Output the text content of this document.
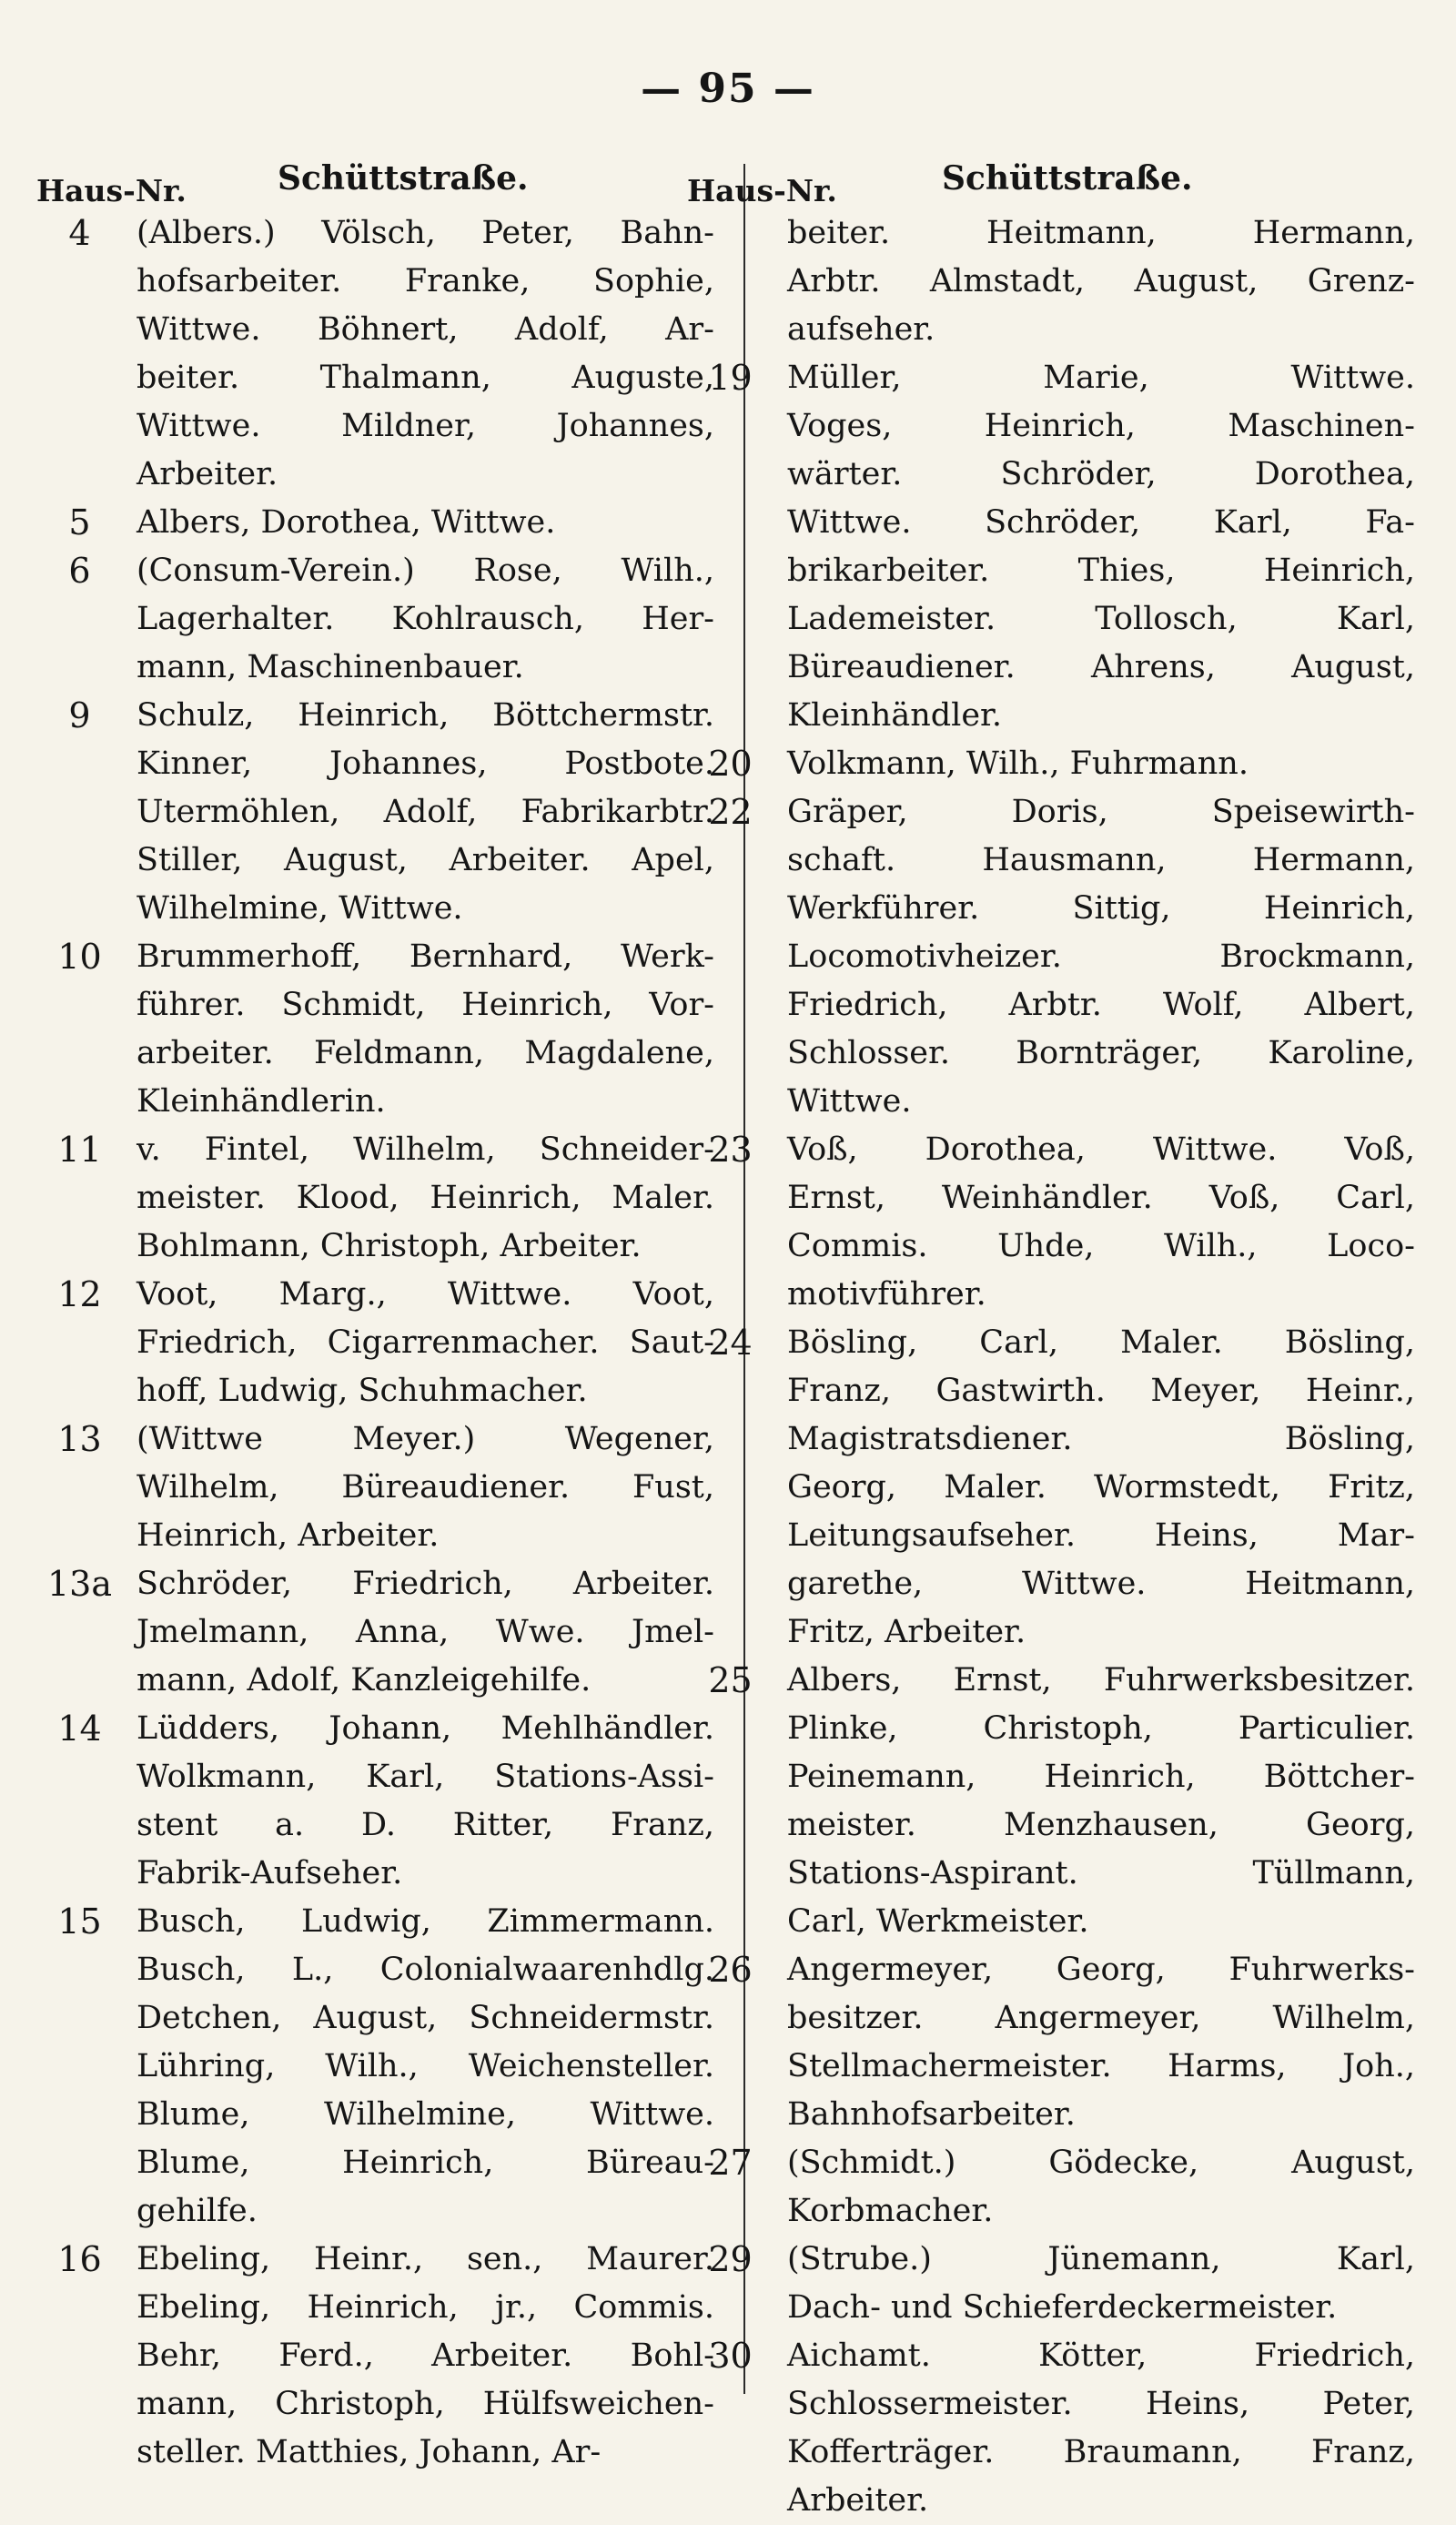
— 95 —
Haus-Nr.	Schüttstraße.
4	(Albers.) Völsch, Peter, Bahn-
hofsarbeiter. Franke, Sophie,
Wittwe. Böhnert, Adolf, Ar-
beiter. Thalmann, Auguste,
Wittwe. Mildner, Johannes,
Arbeiter.
5	Albers, Dorothea, Wittwe.
6	(Consum-Verein.) Rose, Wilh.,
Lagerhalter. Kohlrausch, Her-
mann, Maschinenbauer.
9	Schulz, Heinrich, Böttchermstr.
Kinner, Johannes, Postbote.
Utermöhlen, Adolf, Fabrikarbtr.
Stiller, August, Arbeiter. Apel,
Wilhelmine, Wittwe.
10	Brummerhoff, Bernhard, Werk-
führer. Schmidt, Heinrich, Vor-
arbeiter. Feldmann, Magdalene,
Kleinhändlerin.
11	v. Fintel, Wilhelm, Schneider-
meister. Klood, Heinrich, Maler.
Bohlmann, Christoph, Arbeiter.
12	Voot, Marg., Wittwe. Voot,
Friedrich, Cigarrenmacher. Saut-
hoff, Ludwig, Schuhmacher.
13	(Wittwe Meyer.) Wegener,
Wilhelm, Büreaudiener. Fust,
Heinrich, Arbeiter.
13a Schröder, Friedrich, Arbeiter.
Jmelmann, Anna, Wwe. Jmel-
mann, Adolf, Kanzleigehilfe.
14	Lüdders, Johann, Mehlhändler.
Wolkmann, Karl, Stations-Assi-
stent a. D. Ritter, Franz,
Fabrik-Aufseher.
15	Busch, Ludwig, Zimmermann.
Busch, L., Colonialwaarenhdlg.
Detchen, August, Schneidermstr.
Lühring, Wilh., Weichensteller.
Blume, Wilhelmine, Wittwe.
Blume, Heinrich, Büreau-
gehilfe.
16	Ebeling, Heinr., sen., Maurer.
Ebeling, Heinrich, jr., Commis.
Behr, Ferd., Arbeiter. Bohl-
mann, Christoph, Hülfsweichen-
steller. Matthies, Johann, Ar-
Haus-Nr.	Schüttstraße.
beiter. Heitmann, Hermann,
Arbtr. Almstadt, August, Grenz-
aufseher.
19	Müller, Marie, Wittwe.
Voges, Heinrich, Maschinen-
wärter. Schröder, Dorothea,
Wittwe. Schröder, Karl, Fa-
brikarbeiter. Thies, Heinrich,
Lademeister. Tollosch, Karl,
Büreaudiener. Ahrens, August,
Kleinhändler.
20	Volkmann, Wilh., Fuhrmann.
22	Gräper, Doris, Speisewirth-
schaft. Hausmann, Hermann,
Werkführer. Sittig, Heinrich,
Locomotivheizer. Brockmann,
Friedrich, Arbtr. Wolf, Albert,
Schlosser. Bornträger, Karoline,
Wittwe.
23	Voß, Dorothea, Wittwe. Voß,
Ernst, Weinhändler. Voß, Carl,
Commis. Uhde, Wilh., Loco-
motivführer.
24	Bösling, Carl, Maler. Bösling,
Franz, Gastwirth. Meyer, Heinr.,
Magistratsdiener. Bösling,
Georg, Maler. Wormstedt, Fritz,
Leitungsaufseher. Heins, Mar-
garethe, Wittwe. Heitmann,
Fritz, Arbeiter.
25	Albers, Ernst, Fuhrwerksbesitzer.
Plinke, Christoph, Particulier.
Peinemann, Heinrich, Böttcher-
meister. Menzhausen, Georg,
Stations-Aspirant. Tüllmann,
Carl, Werkmeister.
26	Angermeyer, Georg, Fuhrwerks-
besitzer. Angermeyer, Wilhelm,
Stellmachermeister. Harms, Joh.,
Bahnhofsarbeiter.
27	(Schmidt.) Gödecke, August,
Korbmacher.
29	(Strube.) Jünemann, Karl,
Dach- und Schieferdeckermeister.
30	Aichamt. Kötter, Friedrich,
Schlossermeister. Heins, Peter,
Kofferträger. Braumann, Franz,
Arbeiter.
